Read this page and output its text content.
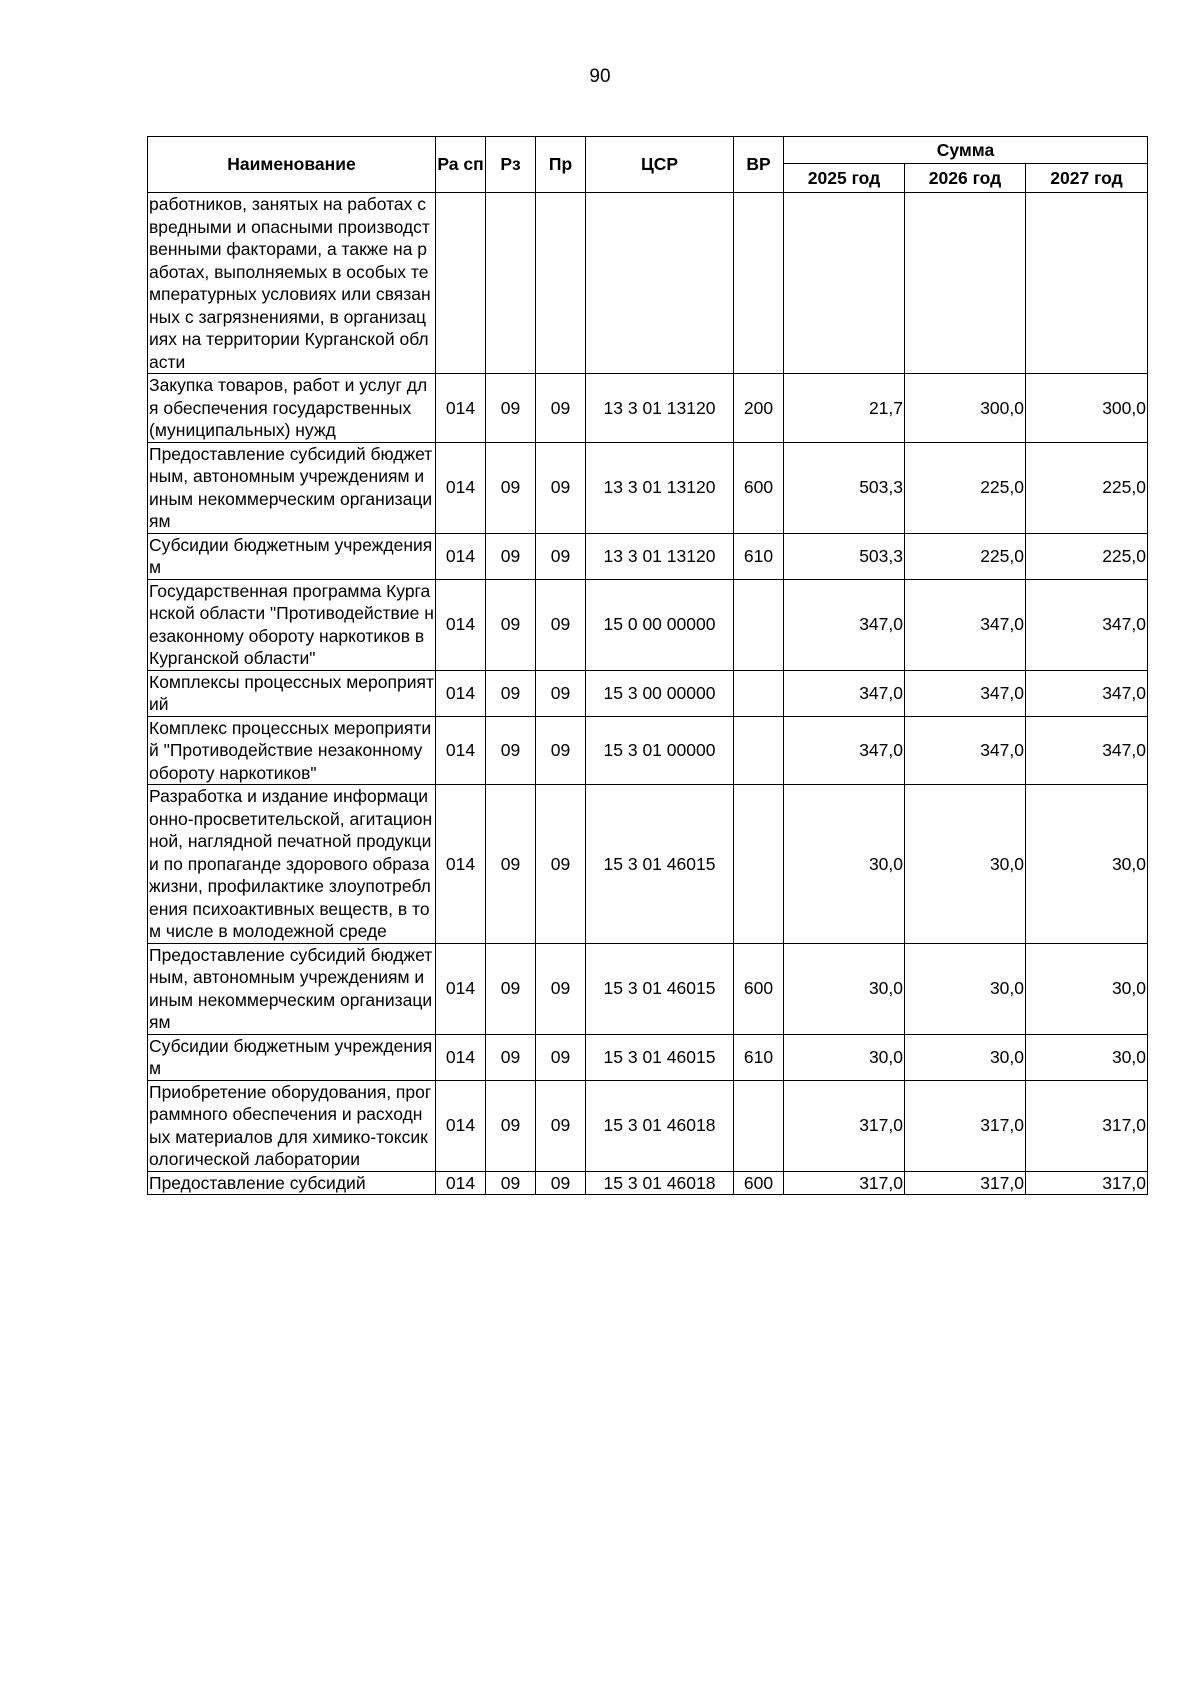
90
Наименование	Ра сп	Рз	Пр	ЦСР	ВР	Сумма		
						2025 год	2026 год	2027 год
работников, занятых на работах с вредными и опасными производственными факторами, а также на работах, выполняемых в особых температурных условиях или связанных с загрязнениями, в организациях на территории Курганской области								
Закупка товаров, работ и услуг для обеспечения государственных (муниципальных) нужд	014	09	09	13 3 01 13120	200	21,7	300,0	300,0
Предоставление субсидий бюджетным, автономным учреждениям и иным некоммерческим организациям	014	09	09	13 3 01 13120	600	503,3	225,0	225,0
Субсидии бюджетным учреждениям	014	09	09	13 3 01 13120	610	503,3	225,0	225,0
Государственная программа Курганской области "Противодействие незаконному обороту наркотиков в Курганской области"	014	09	09	15 0 00 00000		347,0	347,0	347,0
Комплексы процессных мероприятий	014	09	09	15 3 00 00000		347,0	347,0	347,0
Комплекс процессных мероприятий "Противодействие незаконному обороту наркотиков"	014	09	09	15 3 01 00000		347,0	347,0	347,0
Разработка и издание информационно-просветительской, агитационной, наглядной печатной продукции по пропаганде здорового образа жизни, профилактике злоупотребления психоактивных веществ, в том числе в молодежной среде	014	09	09	15 3 01 46015		30,0	30,0	30,0
Предоставление субсидий бюджетным, автономным учреждениям и иным некоммерческим организациям	014	09	09	15 3 01 46015	600	30,0	30,0	30,0
Субсидии бюджетным учреждениям	014	09	09	15 3 01 46015	610	30,0	30,0	30,0
Приобретение оборудования, программного обеспечения и расходных материалов для химико-токсикологической лаборатории	014	09	09	15 3 01 46018		317,0	317,0	317,0
Предоставление субсидий	014	09	09	15 3 01 46018	600	317,0	317,0	317,0
